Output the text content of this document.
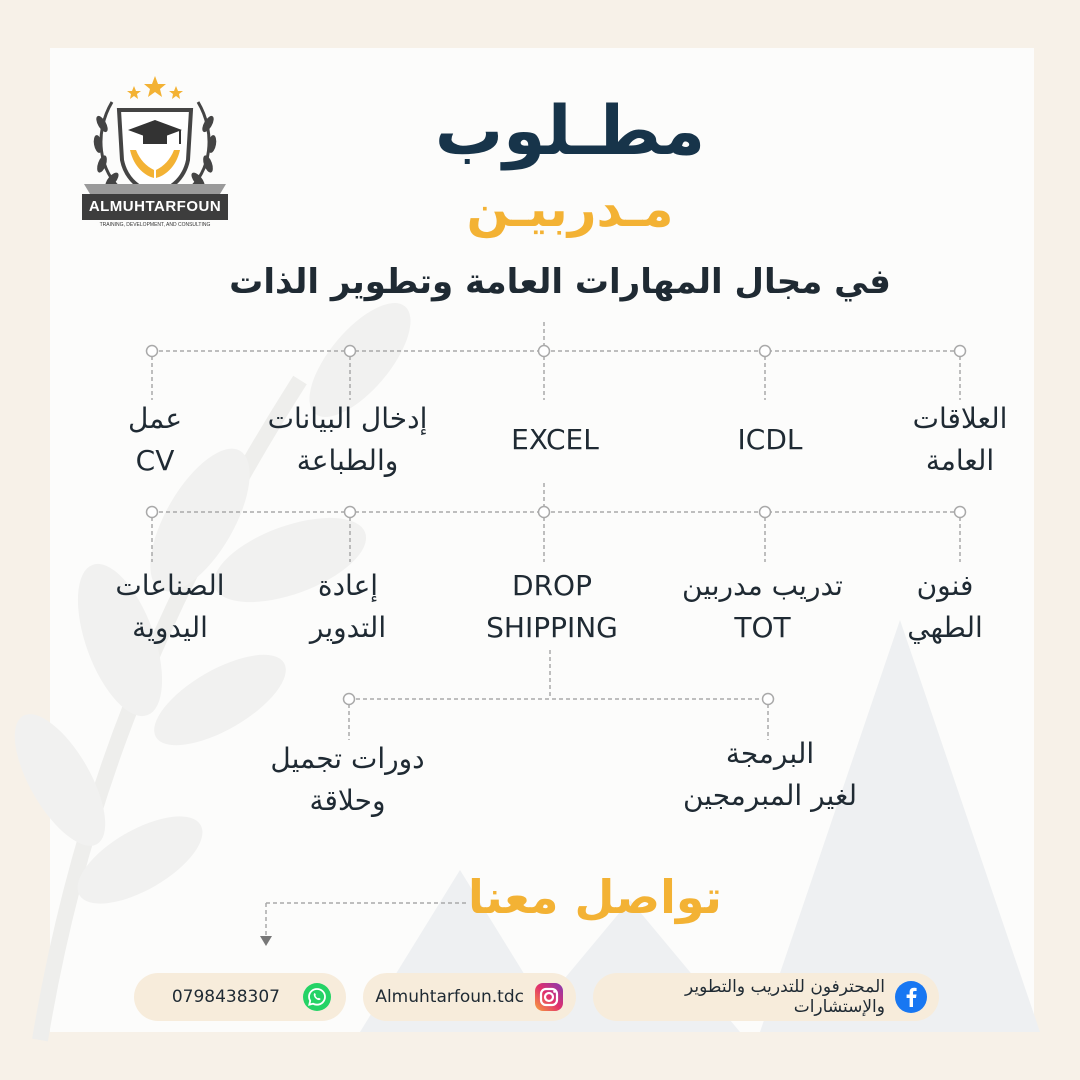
ALMUHTARFOUN
TRAINING, DEVELOPMENT, AND CONSULTING
مطـلوب
مـدربيـن
في مجال المهارات العامة وتطوير الذات
العلاقات
العامة
ICDL
EXCEL
إدخال البيانات
والطباعة
عمل
CV
فنون
الطهي
تدريب مدربين
TOT
DROP
SHIPPING
إعادة
التدوير
الصناعات
اليدوية
البرمجة
لغير المبرمجين
دورات تجميل
وحلاقة
تواصل معنا
المحترفون للتدريب والتطوير والإستشارات
Almuhtarfoun.tdc
0798438307
